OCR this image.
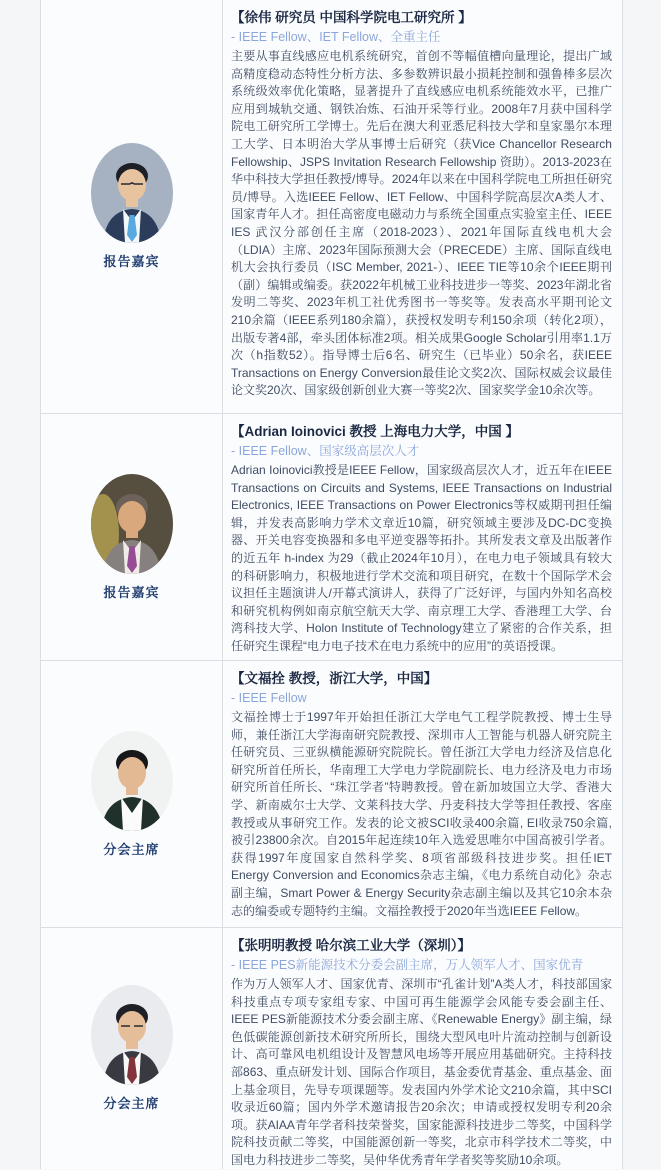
报告嘉宾
【徐伟 研究员 中国科学院电工研究所 】
- IEEE Fellow、IET Fellow、全重主任
主要从事直线感应电机系统研究，首创不等幅值槽向量理论，提出广域高精度稳动态特性分析方法、多参数辨识最小损耗控制和强鲁棒多层次系统级效率优化策略，显著提升了直线感应电机系统能效水平，已推广应用到城轨交通、钢铁冶炼、石油开采等行业。2008年7月获中国科学院电工研究所工学博士。先后在澳大利亚悉尼科技大学和皇家墨尔本理工大学、日本明治大学从事博士后研究（获Vice Chancellor Research Fellowship、JSPS Invitation Research Fellowship 资助）。2013-2023在华中科技大学担任教授/博导。2024年以来在中国科学院电工所担任研究员/博导。入选IEEE Fellow、IET Fellow、中国科学院高层次A类人才、国家青年人才。担任高密度电磁动力与系统全国重点实验室主任、IEEE IES 武汉分部创任主席（2018-2023）、2021年国际直线电机大会（LDIA）主席、2023年国际预测大会（PRECEDE）主席、国际直线电机大会执行委员（ISC Member, 2021-）、IEEE TIE等10余个IEEE期刊（副）编辑或编委。获2022年机械工业科技进步一等奖、2023年湖北省发明二等奖、2023年机工社优秀图书一等奖等。发表高水平期刊论文210余篇（IEEE系列180余篇），获授权发明专利150余项（转化2项），出版专著4部，牵头团体标准2项。相关成果Google Scholar引用率1.1万次（h指数52）。指导博士后6名、研究生（已毕业）50余名，获IEEE Transactions on Energy Conversion最佳论文奖2次、国际权威会议最佳论文奖20次、国家级创新创业大赛一等奖2次、国家奖学金10余次等。
报告嘉宾
【Adrian Ioinovici 教授 上海电力大学，中国 】
- IEEE Fellow、国家级高层次人才
Adrian Ioinovici教授是IEEE Fellow，国家级高层次人才，近五年在IEEE Transactions on Circuits and Systems, IEEE Transactions on Industrial Electronics, IEEE Transactions on Power Electronics等权威期刊担任编辑，并发表高影响力学术文章近10篇，研究领域主要涉及DC-DC变换器、开关电容变换器和多电平逆变器等拓扑。其所发表文章及出版著作的近五年 h-index 为29（截止2024年10月），在电力电子领域具有较大的科研影响力，积极地进行学术交流和项目研究，在数十个国际学术会议担任主题演讲人/开幕式演讲人，获得了广泛好评，与国内外知名高校和研究机构例如南京航空航天大学、南京理工大学、香港理工大学、台湾科技大学、Holon Institute of Technology建立了紧密的合作关系，担任研究生课程“电力电子技术在电力系统中的应用”的英语授课。
分会主席
【文福拴 教授，浙江大学，中国】
- IEEE Fellow
文福拴博士于1997年开始担任浙江大学电气工程学院教授、博士生导师，兼任浙江大学海南研究院教授、深圳市人工智能与机器人研究院主任研究员、三亚纵横能源研究院院长。曾任浙江大学电力经济及信息化研究所首任所长，华南理工大学电力学院副院长、电力经济及电力市场研究所首任所长、“珠江学者”特聘教授。曾在新加坡国立大学、香港大学、新南威尔士大学、文莱科技大学、丹麦科技大学等担任教授、客座教授或从事研究工作。发表的论文被SCI收录400余篇, EI收录750余篇, 被引23800余次。自2015年起连续10年入选爱思唯尔中国高被引学者。获得1997年度国家自然科学奖、8项省部级科技进步奖。担任IET Energy Conversion and Economics杂志主编，《电力系统自动化》杂志副主编，Smart Power & Energy Security杂志副主编以及其它10余本杂志的编委或专题特约主编。文福拴教授于2020年当选IEEE Fellow。
分会主席
【张明明教授 哈尔滨工业大学（深圳）】
- IEEE PES新能源技术分委会副主席，万人领军人才、国家优青
作为万人领军人才、国家优青、深圳市“孔雀计划”A类人才，科技部国家科技重点专项专家组专家、中国可再生能源学会风能专委会副主任、IEEE PES新能源技术分委会副主席、《Renewable Energy》副主编，绿色低碳能源创新技术研究所所长，围绕大型风电叶片流动控制与创新设计、高可靠风电机组设计及智慧风电场等开展应用基础研究。主持科技部863、重点研发计划、国际合作项目，基金委优青基金、重点基金、面上基金项目，先导专项课题等。发表国内外学术论文210余篇，其中SCI收录近60篇；国内外学术邀请报告20余次；申请或授权发明专利20余项。获AIAA青年学者科技荣誉奖，国家能源科技进步二等奖，中国科学院科技贡献二等奖，中国能源创新一等奖，北京市科学技术二等奖，中国电力科技进步二等奖，吴仲华优秀青年学者奖等奖励10余项。
